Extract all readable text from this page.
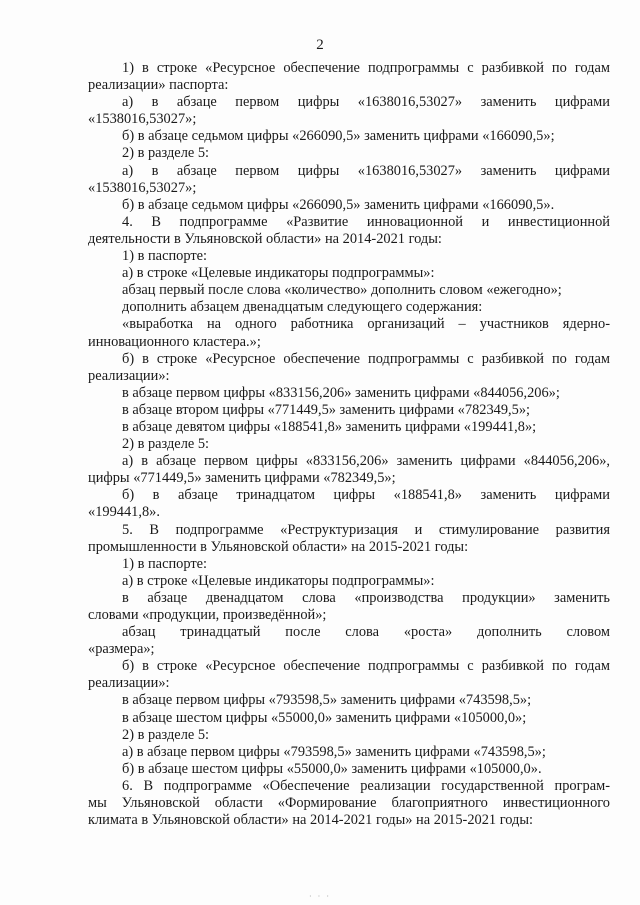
2
1) в строке «Ресурсное обеспечение подпрограммы с разбивкой по годам
реализации» паспорта:
а) в абзаце первом цифры «1638016,53027» заменить цифрами
«1538016,53027»;
б) в абзаце седьмом цифры «266090,5» заменить цифрами «166090,5»;
2) в разделе 5:
а) в абзаце первом цифры «1638016,53027» заменить цифрами
«1538016,53027»;
б) в абзаце седьмом цифры «266090,5» заменить цифрами «166090,5».
4. В подпрограмме «Развитие инновационной и инвестиционной
деятельности в Ульяновской области» на 2014-2021 годы:
1) в паспорте:
а) в строке «Целевые индикаторы подпрограммы»:
абзац первый после слова «количество» дополнить словом «ежегодно»;
дополнить абзацем двенадцатым следующего содержания:
«выработка на одного работника организаций – участников ядерно-
инновационного кластера.»;
б) в строке «Ресурсное обеспечение подпрограммы с разбивкой по годам
реализации»:
в абзаце первом цифры «833156,206» заменить цифрами «844056,206»;
в абзаце втором цифры «771449,5» заменить цифрами «782349,5»;
в абзаце девятом цифры «188541,8» заменить цифрами «199441,8»;
2) в разделе 5:
а) в абзаце первом цифры «833156,206» заменить цифрами «844056,206»,
цифры «771449,5» заменить цифрами «782349,5»;
б) в абзаце тринадцатом цифры «188541,8» заменить цифрами
«199441,8».
5. В подпрограмме «Реструктуризация и стимулирование развития
промышленности в Ульяновской области» на 2015-2021 годы:
1) в паспорте:
а) в строке «Целевые индикаторы подпрограммы»:
в абзаце двенадцатом слова «производства продукции» заменить
словами «продукции, произведённой»;
абзац тринадцатый после слова «роста» дополнить словом
«размера»;
б) в строке «Ресурсное обеспечение подпрограммы с разбивкой по годам
реализации»:
в абзаце первом цифры «793598,5» заменить цифрами «743598,5»;
в абзаце шестом цифры «55000,0» заменить цифрами «105000,0»;
2) в разделе 5:
а) в абзаце первом цифры «793598,5» заменить цифрами «743598,5»;
б) в абзаце шестом цифры «55000,0» заменить цифрами «105000,0».
6. В подпрограмме «Обеспечение реализации государственной програм-
мы Ульяновской области «Формирование благоприятного инвестиционного
климата в Ульяновской области» на 2014-2021 годы» на 2015-2021 годы:
· · ·
